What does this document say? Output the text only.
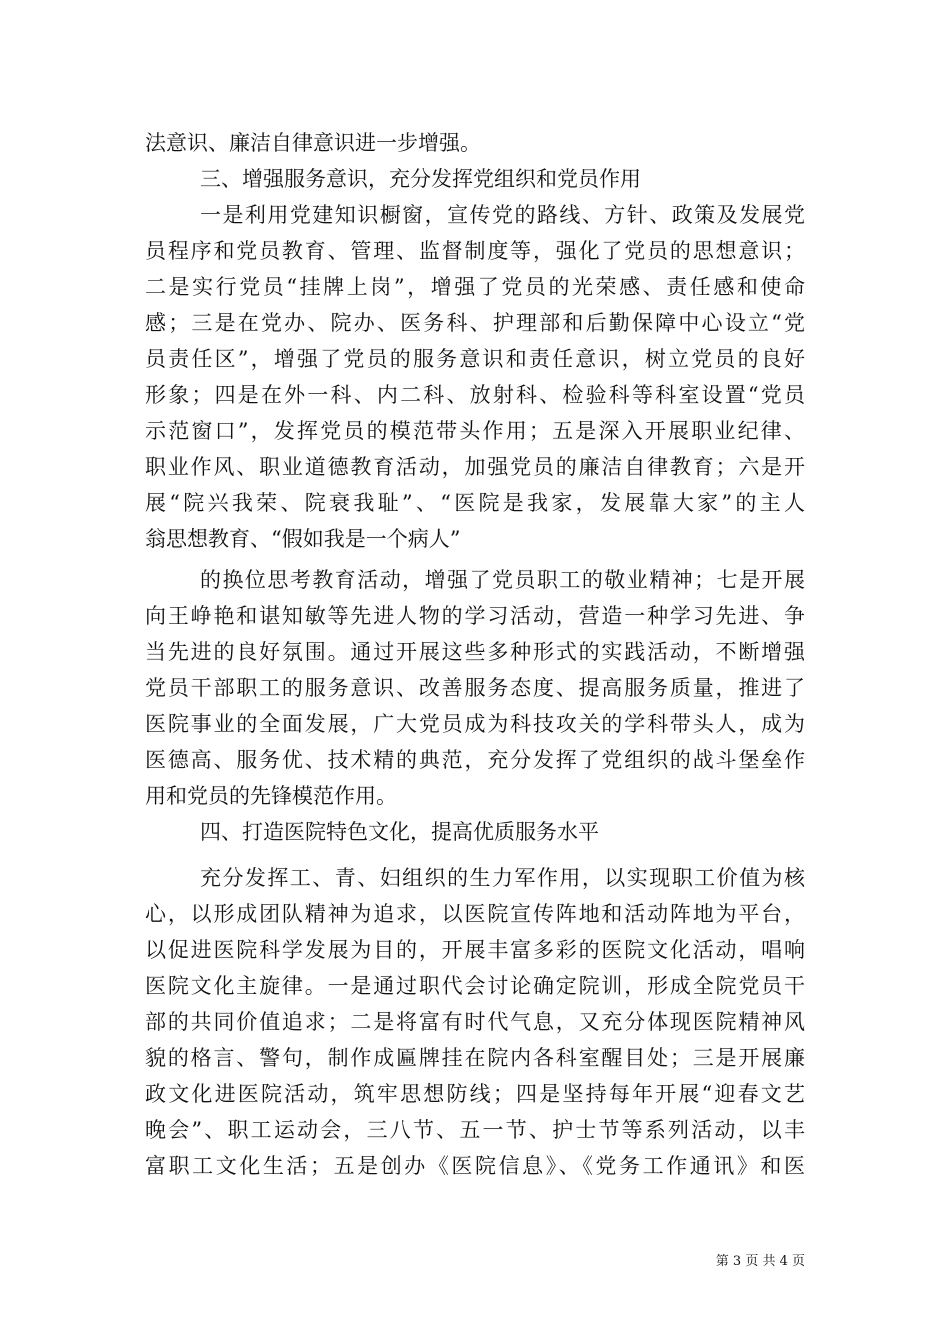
法意识、廉洁自律意识进一步增强。
三、增强服务意识，充分发挥党组织和党员作用
一是利用党建知识橱窗，宣传党的路线、方针、政策及发展党
员程序和党员教育、管理、监督制度等，强化了党员的思想意识；
二是实行党员“挂牌上岗”，增强了党员的光荣感、责任感和使命
感；三是在党办、院办、医务科、护理部和后勤保障中心设立“党
员责任区”，增强了党员的服务意识和责任意识，树立党员的良好
形象；四是在外一科、内二科、放射科、检验科等科室设置“党员
示范窗口”，发挥党员的模范带头作用；五是深入开展职业纪律、
职业作风、职业道德教育活动，加强党员的廉洁自律教育；六是开
展“院兴我荣、院衰我耻”、“医院是我家，发展靠大家”的主人
翁思想教育、“假如我是一个病人”
的换位思考教育活动，增强了党员职工的敬业精神；七是开展
向王峥艳和谌知敏等先进人物的学习活动，营造一种学习先进、争
当先进的良好氛围。通过开展这些多种形式的实践活动，不断增强
党员干部职工的服务意识、改善服务态度、提高服务质量，推进了
医院事业的全面发展，广大党员成为科技攻关的学科带头人，成为
医德高、服务优、技术精的典范，充分发挥了党组织的战斗堡垒作
用和党员的先锋模范作用。
四、打造医院特色文化，提高优质服务水平
充分发挥工、青、妇组织的生力军作用，以实现职工价值为核
心，以形成团队精神为追求，以医院宣传阵地和活动阵地为平台，
以促进医院科学发展为目的，开展丰富多彩的医院文化活动，唱响
医院文化主旋律。一是通过职代会讨论确定院训，形成全院党员干
部的共同价值追求；二是将富有时代气息，又充分体现医院精神风
貌的格言、警句，制作成匾牌挂在院内各科室醒目处；三是开展廉
政文化进医院活动，筑牢思想防线；四是坚持每年开展“迎春文艺
晚会”、职工运动会，三八节、五一节、护士节等系列活动，以丰
富职工文化生活；五是创办《医院信息》、《党务工作通讯》和医
第 3 页 共 4 页
